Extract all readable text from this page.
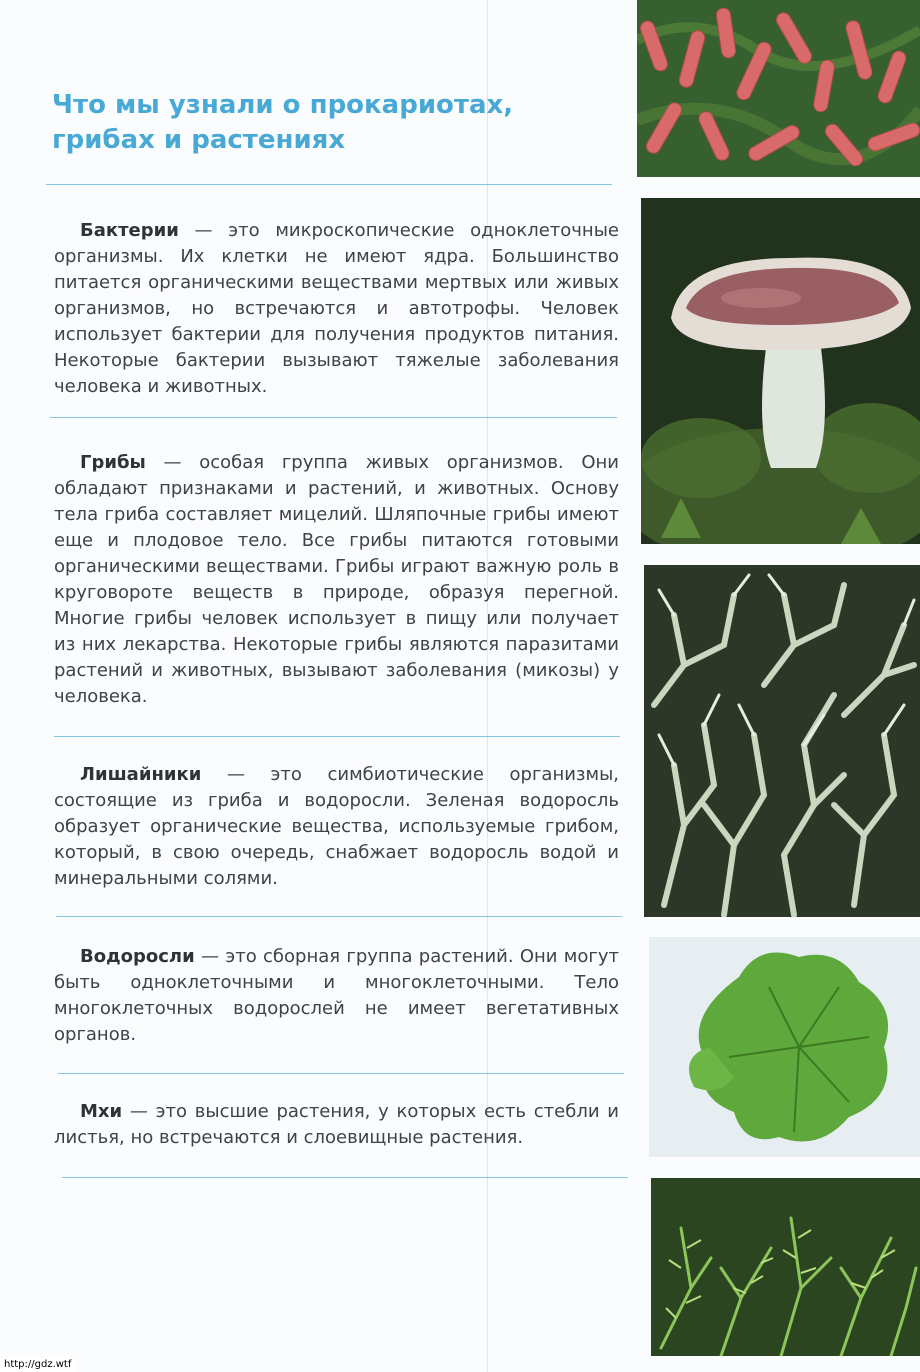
Что мы узнали о прокариотах, грибах и растениях

Бактерии — это микроскопические одноклеточные организмы. Их клетки не имеют ядра. Большинство питается органическими веществами мертвых или живых организмов, но встречаются и автотрофы. Человек использует бактерии для получения продуктов питания. Некоторые бактерии вызывают тяжелые заболевания человека и животных.

Грибы — особая группа живых организмов. Они обладают признаками и растений, и животных. Основу тела гриба составляет мицелий. Шляпочные грибы имеют еще и плодовое тело. Все грибы питаются готовыми органическими веществами. Грибы играют важную роль в круговороте веществ в природе, образуя перегной. Многие грибы человек использует в пищу или получает из них лекарства. Некоторые грибы являются паразитами растений и животных, вызывают заболевания (микозы) у человека.

Лишайники — это симбиотические организмы, состоящие из гриба и водоросли. Зеленая водоросль образует органические вещества, используемые грибом, который, в свою очередь, снабжает водоросль водой и минеральными солями.

Водоросли — это сборная группа растений. Они могут быть одноклеточными и многоклеточными. Тело многоклеточных водорослей не имеет вегетативных органов.

Мхи — это высшие растения, у которых есть стебли и листья, но встречаются и слоевищные растения.

http://gdz.wtf
